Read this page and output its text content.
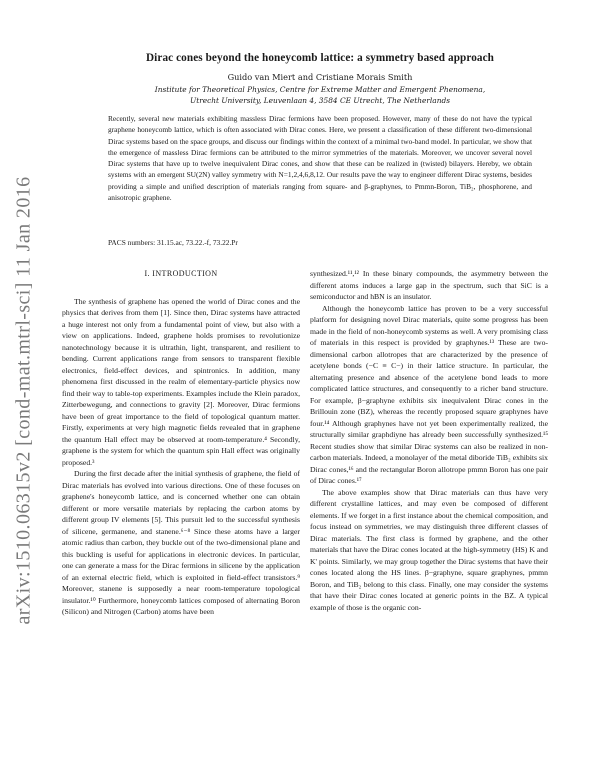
arXiv:1510.06315v2 [cond-mat.mtrl-sci] 11 Jan 2016
Dirac cones beyond the honeycomb lattice: a symmetry based approach
Guido van Miert and Cristiane Morais Smith
Institute for Theoretical Physics, Centre for Extreme Matter and Emergent Phenomena,
Utrecht University, Leuvenlaan 4, 3584 CE Utrecht, The Netherlands
Recently, several new materials exhibiting massless Dirac fermions have been proposed. However, many of these do not have the typical graphene honeycomb lattice, which is often associated with Dirac cones. Here, we present a classification of these different two-dimensional Dirac systems based on the space groups, and discuss our findings within the context of a minimal two-band model. In particular, we show that the emergence of massless Dirac fermions can be attributed to the mirror symmetries of the materials. Moreover, we uncover several novel Dirac systems that have up to twelve inequivalent Dirac cones, and show that these can be realized in (twisted) bilayers. Hereby, we obtain systems with an emergent SU(2N) valley symmetry with N=1,2,4,6,8,12. Our results pave the way to engineer different Dirac systems, besides providing a simple and unified description of materials ranging from square- and β-graphynes, to Pmmn-Boron, TiB₂, phosphorene, and anisotropic graphene.
PACS numbers: 31.15.ac, 73.22.-f, 73.22.Pr

I. INTRODUCTION

The synthesis of graphene has opened the world of Dirac cones and the physics that derives from them [1]. Since then, Dirac systems have attracted a huge interest not only from a fundamental point of view, but also with a view on applications. Indeed, graphene holds promises to revolutionize nanotechnology because it is ultrathin, light, transparent, and resilient to bending. Current applications range from sensors to transparent flexible electronics, field-effect devices, and spintronics. In addition, many phenomena first discussed in the realm of elementary-particle physics now find their way to table-top experiments. Examples include the Klein paradox, Zitterbewegung, and connections to gravity [2]. Moreover, Dirac fermions have been of great importance to the field of topological quantum matter. Firstly, experiments at very high magnetic fields revealed that in graphene the quantum Hall effect may be observed at room-temperature.⁴ Secondly, graphene is the system for which the quantum spin Hall effect was originally proposed.³

During the first decade after the initial synthesis of graphene, the field of Dirac materials has evolved into various directions. One of these focuses on graphene's honeycomb lattice, and is concerned whether one can obtain different or more versatile materials by replacing the carbon atoms by different group IV elements [5]. This pursuit led to the successful synthesis of silicene, germanene, and stanene.⁶⁻⁸ Since these atoms have a larger atomic radius than carbon, they buckle out of the two-dimensional plane and this buckling is useful for applications in electronic devices. In particular, one can generate a mass for the Dirac fermions in silicene by the application of an external electric field, which is exploited in field-effect transistors.⁹ Moreover, stanene is supposedly a near room-temperature topological insulator.¹⁰ Furthermore, honeycomb lattices composed of alternating Boron (Silicon) and Nitrogen (Carbon) atoms have been

synthesized.¹¹,¹² In these binary compounds, the asymmetry between the different atoms induces a large gap in the spectrum, such that SiC is a semiconductor and hBN is an insulator.

Although the honeycomb lattice has proven to be a very successful platform for designing novel Dirac materials, quite some progress has been made in the field of non-honeycomb systems as well. A very promising class of materials in this respect is provided by graphynes.¹³ These are two-dimensional carbon allotropes that are characterized by the presence of acetylene bonds (−C ≡ C−) in their lattice structure. In particular, the alternating presence and absence of the acetylene bond leads to more complicated lattice structures, and consequently to a richer band structure. For example, β−graphyne exhibits six inequivalent Dirac cones in the Brillouin zone (BZ), whereas the recently proposed square graphynes have four.¹⁴ Although graphynes have not yet been experimentally realized, the structurally similar graphdiyne has already been successfully synthesized.¹⁵ Recent studies show that similar Dirac systems can also be realized in non-carbon materials. Indeed, a monolayer of the metal diboride TiB₂ exhibits six Dirac cones,¹⁶ and the rectangular Boron allotrope pmmn Boron has one pair of Dirac cones.¹⁷

The above examples show that Dirac materials can thus have very different crystalline lattices, and may even be composed of different elements. If we forget in a first instance about the chemical composition, and focus instead on symmetries, we may distinguish three different classes of Dirac materials. The first class is formed by graphene, and the other materials that have the Dirac cones located at the high-symmetry (HS) K and K' points. Similarly, we may group together the Dirac systems that have their cones located along the HS lines. β−graphyne, square graphynes, pmmn Boron, and TiB₂ belong to this class. Finally, one may consider the systems that have their Dirac cones located at generic points in the BZ. A typical example of those is the organic con-
